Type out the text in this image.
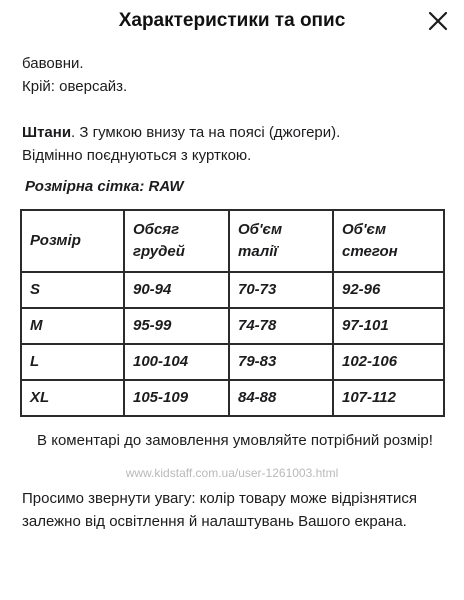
Характеристики та опис
бавовни.
Крій: оверсайз.
Штани. З гумкою внизу та на поясі (джогери).
Відмінно поєднуються з курткою.
Розмірна сітка: RAW
Розмір	Обсяг грудей	Об'єм талії	Об'єм стегон
S	90-94	70-73	92-96
M	95-99	74-78	97-101
L	100-104	79-83	102-106
XL	105-109	84-88	107-112
В коментарі до замовлення умовляйте потрібний розмір!
www.kidstaff.com.ua/user-1261003.html
Просимо звернути увагу: колір товару може відрізнятися залежно від освітлення й налаштувань Вашого екрана.
